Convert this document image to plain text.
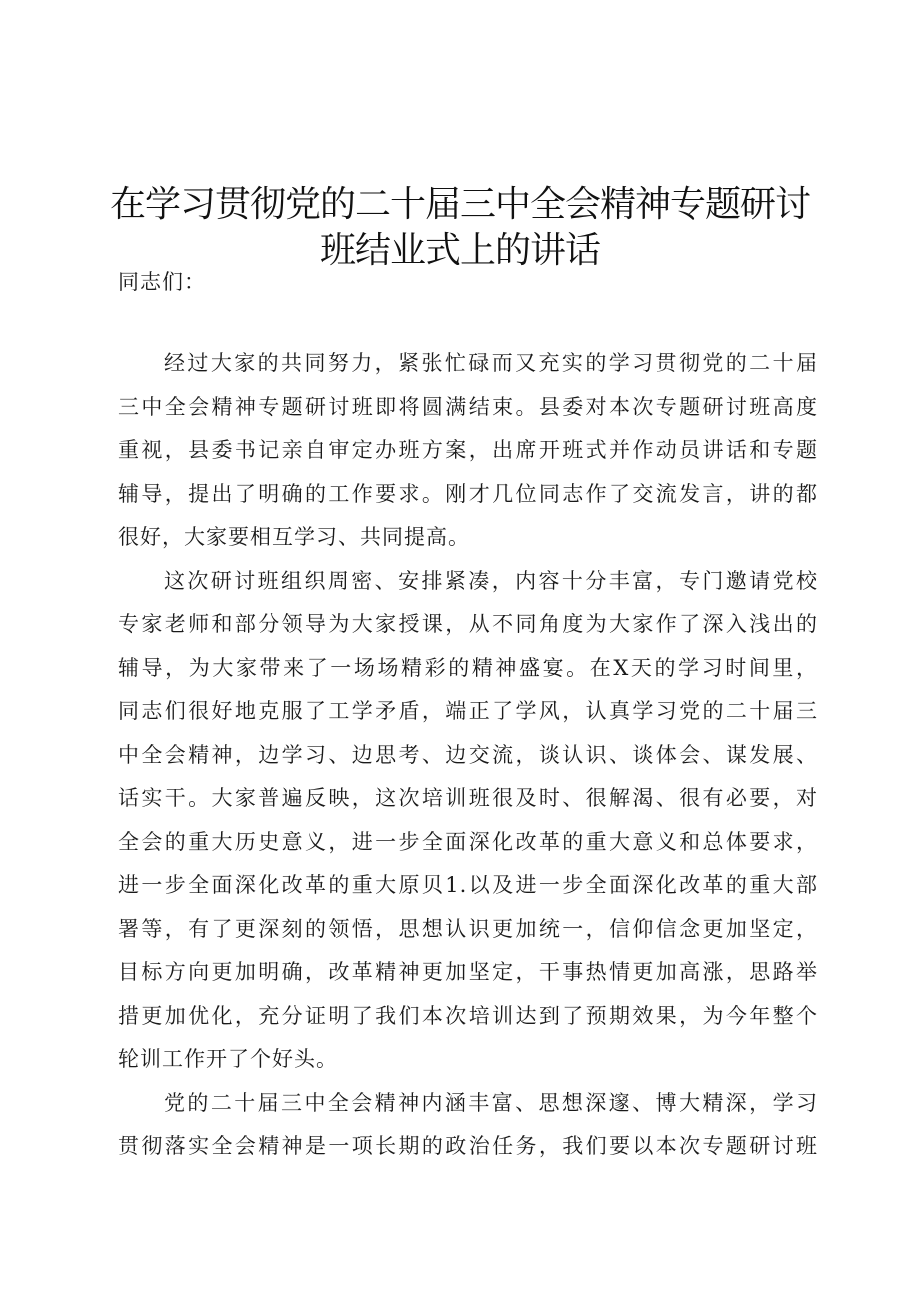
在学习贯彻党的二十届三中全会精神专题研讨
班结业式上的讲话

同志们：

经过大家的共同努力，紧张忙碌而又充实的学习贯彻党的二十届
三中全会精神专题研讨班即将圆满结束。县委对本次专题研讨班高度
重视，县委书记亲自审定办班方案，出席开班式并作动员讲话和专题
辅导，提出了明确的工作要求。刚才几位同志作了交流发言，讲的都
很好，大家要相互学习、共同提高。

这次研讨班组织周密、安排紧凑，内容十分丰富，专门邀请党校
专家老师和部分领导为大家授课，从不同角度为大家作了深入浅出的
辅导，为大家带来了一场场精彩的精神盛宴。在X天的学习时间里，
同志们很好地克服了工学矛盾，端正了学风，认真学习党的二十届三
中全会精神，边学习、边思考、边交流，谈认识、谈体会、谋发展、
话实干。大家普遍反映，这次培训班很及时、很解渴、很有必要，对
全会的重大历史意义，进一步全面深化改革的重大意义和总体要求，
进一步全面深化改革的重大原贝1.以及进一步全面深化改革的重大部
署等，有了更深刻的领悟，思想认识更加统一，信仰信念更加坚定，
目标方向更加明确，改革精神更加坚定，干事热情更加高涨，思路举
措更加优化，充分证明了我们本次培训达到了预期效果，为今年整个
轮训工作开了个好头。

党的二十届三中全会精神内涵丰富、思想深邃、博大精深，学习
贯彻落实全会精神是一项长期的政治任务，我们要以本次专题研讨班
